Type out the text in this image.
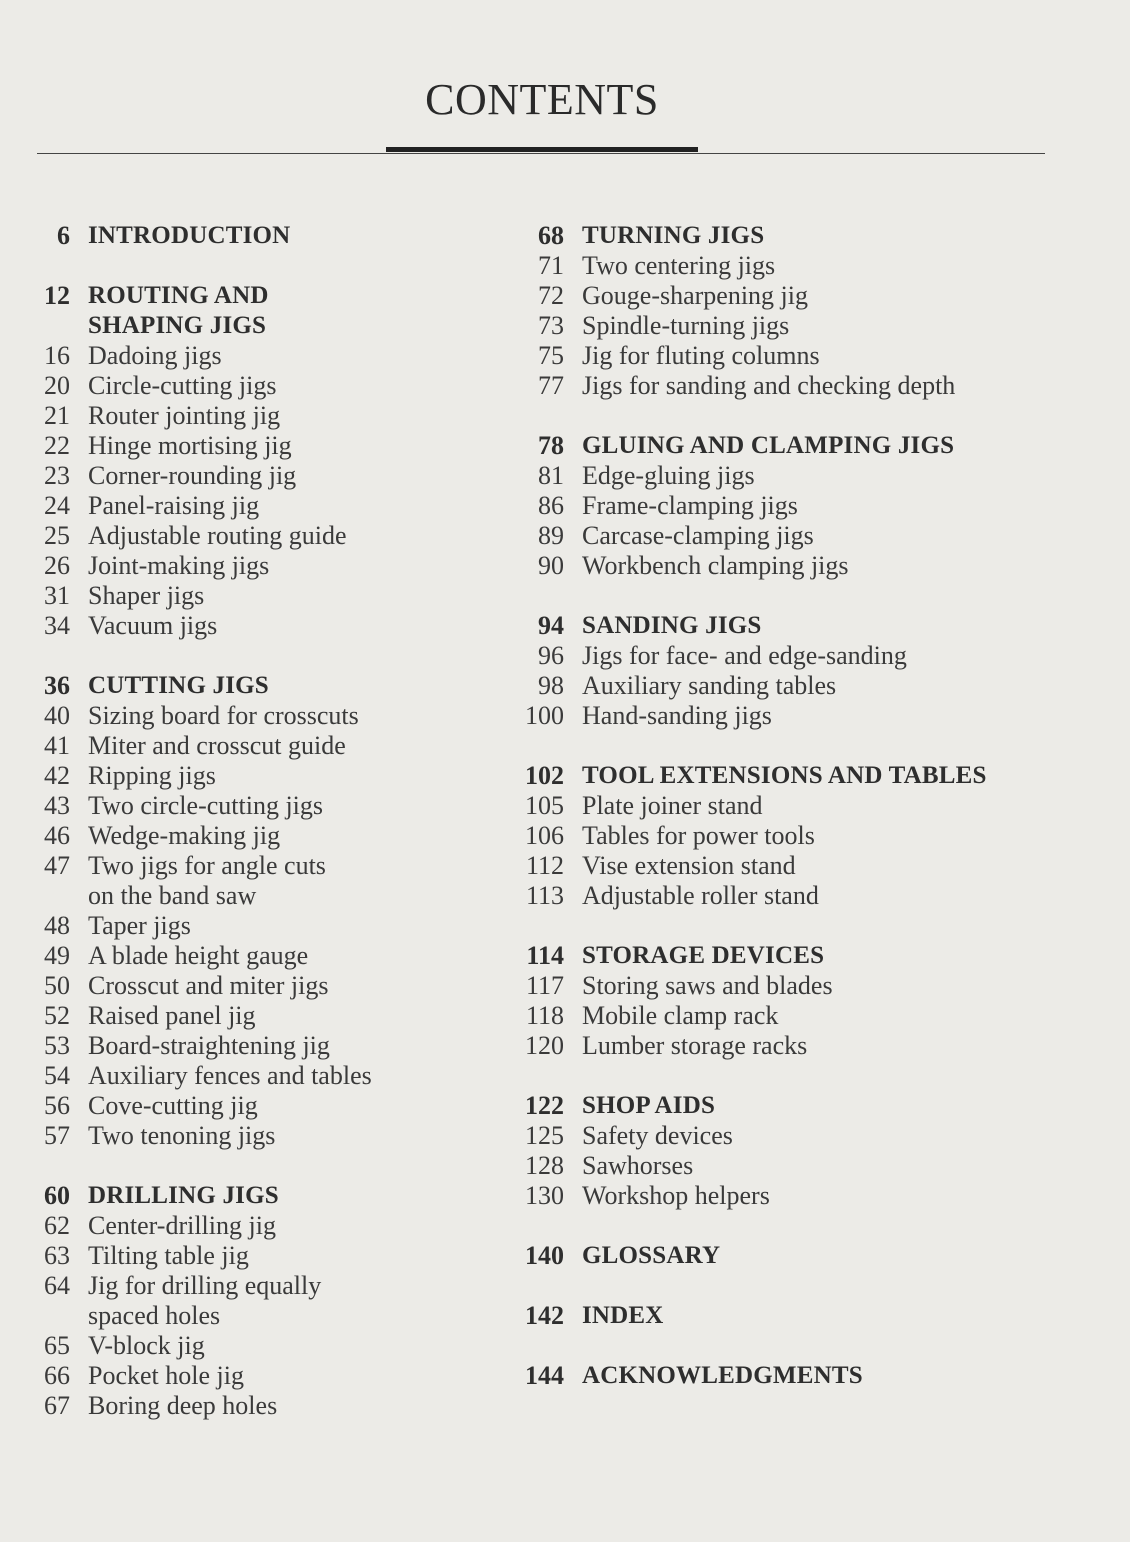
CONTENTS
6 INTRODUCTION
12 ROUTING AND
SHAPING JIGS
16 Dadoing jigs
20 Circle-cutting jigs
21 Router jointing jig
22 Hinge mortising jig
23 Corner-rounding jig
24 Panel-raising jig
25 Adjustable routing guide
26 Joint-making jigs
31 Shaper jigs
34 Vacuum jigs
36 CUTTING JIGS
40 Sizing board for crosscuts
41 Miter and crosscut guide
42 Ripping jigs
43 Two circle-cutting jigs
46 Wedge-making jig
47 Two jigs for angle cuts
on the band saw
48 Taper jigs
49 A blade height gauge
50 Crosscut and miter jigs
52 Raised panel jig
53 Board-straightening jig
54 Auxiliary fences and tables
56 Cove-cutting jig
57 Two tenoning jigs
60 DRILLING JIGS
62 Center-drilling jig
63 Tilting table jig
64 Jig for drilling equally
spaced holes
65 V-block jig
66 Pocket hole jig
67 Boring deep holes
68 TURNING JIGS
71 Two centering jigs
72 Gouge-sharpening jig
73 Spindle-turning jigs
75 Jig for fluting columns
77 Jigs for sanding and checking depth
78 GLUING AND CLAMPING JIGS
81 Edge-gluing jigs
86 Frame-clamping jigs
89 Carcase-clamping jigs
90 Workbench clamping jigs
94 SANDING JIGS
96 Jigs for face- and edge-sanding
98 Auxiliary sanding tables
100 Hand-sanding jigs
102 TOOL EXTENSIONS AND TABLES
105 Plate joiner stand
106 Tables for power tools
112 Vise extension stand
113 Adjustable roller stand
114 STORAGE DEVICES
117 Storing saws and blades
118 Mobile clamp rack
120 Lumber storage racks
122 SHOP AIDS
125 Safety devices
128 Sawhorses
130 Workshop helpers
140 GLOSSARY
142 INDEX
144 ACKNOWLEDGMENTS
